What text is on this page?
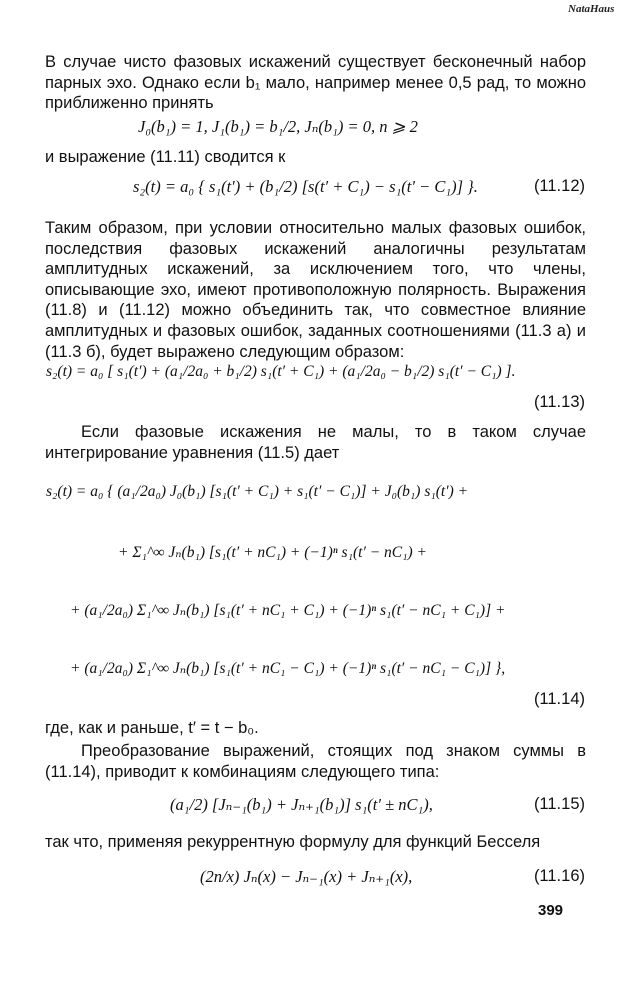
NataHaus
В случае чисто фазовых искажений существует бесконечный набор парных эхо. Однако если b₁ мало, например менее 0,5 рад, то можно приближенно принять
J₀(b₁) = 1, J₁(b₁) = b₁/2, Jₙ(b₁) = 0, n ⩾ 2
и выражение (11.11) сводится к
s₂(t) = a₀ { s₁(t′) + (b₁/2) [s(t′ + C₁) − s₁(t′ − C₁)] }.	(11.12)
Таким образом, при условии относительно малых фазовых ошибок, последствия фазовых искажений аналогичны результатам амплитудных искажений, за исключением того, что члены, описывающие эхо, имеют противоположную полярность. Выражения (11.8) и (11.12) можно объединить так, что совместное влияние амплитудных и фазовых ошибок, заданных соотношениями (11.3 а) и (11.3 б), будет выражено следующим образом:
s₂(t) = a₀ [ s₁(t′) + (a₁/2a₀ + b₁/2) s₁(t′ + C₁) + (a₁/2a₀ − b₁/2) s₁(t′ − C₁) ].
(11.13)
Если фазовые искажения не малы, то в таком случае интегрирование уравнения (11.5) дает
s₂(t) = a₀ { (a₁/2a₀) J₀(b₁) [s₁(t′ + C₁) + s₁(t′ − C₁)] + J₀(b₁) s₁(t′) +
+ Σ₁^∞ Jₙ(b₁) [s₁(t′ + nC₁) + (−1)ⁿ s₁(t′ − nC₁) +
+ (a₁/2a₀) Σ₁^∞ Jₙ(b₁) [s₁(t′ + nC₁ + C₁) + (−1)ⁿ s₁(t′ − nC₁ + C₁)] +
+ (a₁/2a₀) Σ₁^∞ Jₙ(b₁) [s₁(t′ + nC₁ − C₁) + (−1)ⁿ s₁(t′ − nC₁ − C₁)] },
(11.14)
где, как и раньше, t′ = t − b₀.
Преобразование выражений, стоящих под знаком суммы в (11.14), приводит к комбинациям следующего типа:
(a₁/2) [Jₙ₋₁(b₁) + Jₙ₊₁(b₁)] s₁(t′ ± nC₁),	(11.15)
так что, применяя рекуррентную формулу для функций Бесселя
(2n/x) Jₙ(x) − Jₙ₋₁(x) + Jₙ₊₁(x),	(11.16)
399
